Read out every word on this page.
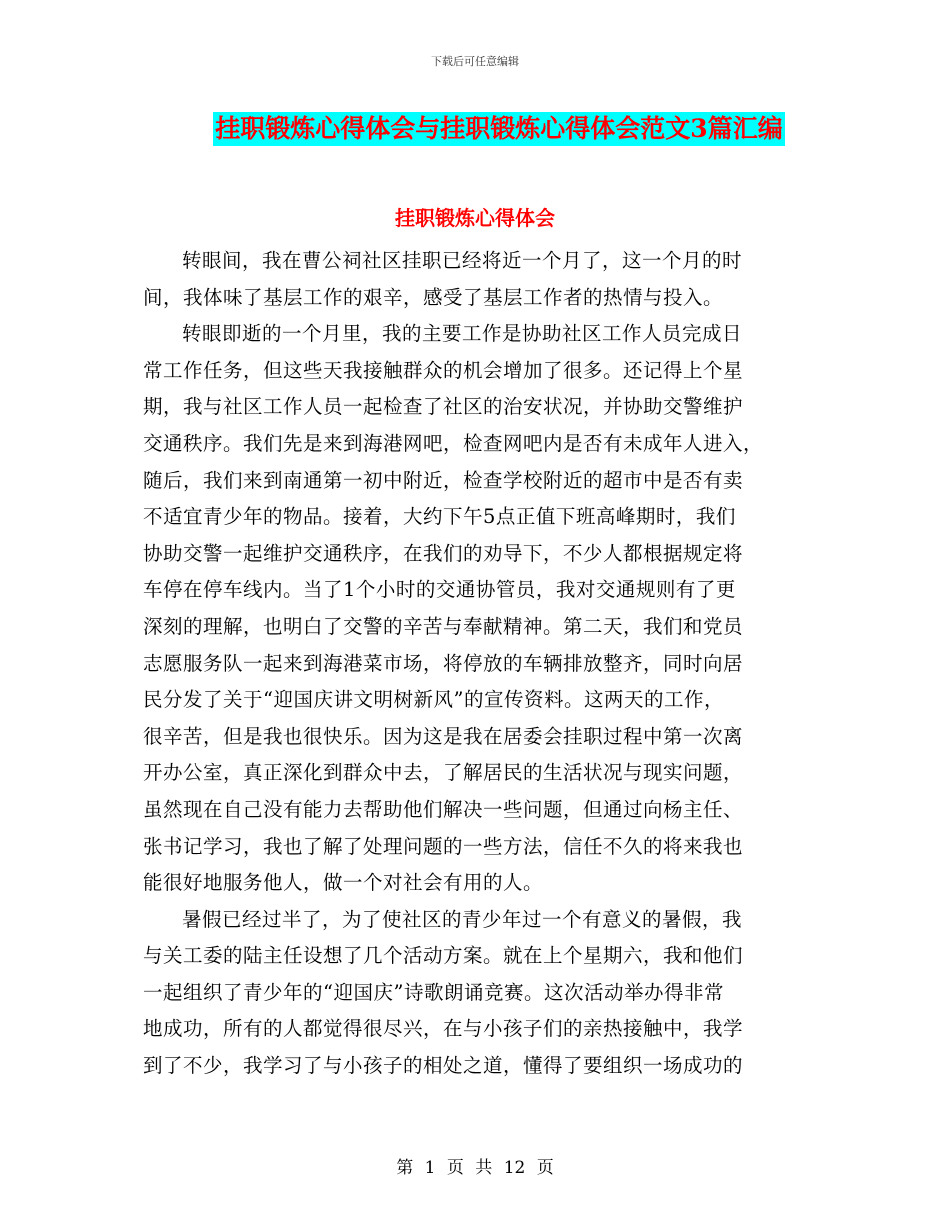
下载后可任意编辑
挂职锻炼心得体会与挂职锻炼心得体会范文3篇汇编
挂职锻炼心得体会

转眼间，我在曹公祠社区挂职已经将近一个月了，这一个月的时
间，我体味了基层工作的艰辛，感受了基层工作者的热情与投入。

转眼即逝的一个月里，我的主要工作是协助社区工作人员完成日
常工作任务，但这些天我接触群众的机会增加了很多。还记得上个星
期，我与社区工作人员一起检查了社区的治安状况，并协助交警维护
交通秩序。我们先是来到海港网吧，检查网吧内是否有未成年人进入，
随后，我们来到南通第一初中附近，检查学校附近的超市中是否有卖
不适宜青少年的物品。接着，大约下午5点正值下班高峰期时，我们
协助交警一起维护交通秩序，在我们的劝导下，不少人都根据规定将
车停在停车线内。当了1个小时的交通协管员，我对交通规则有了更
深刻的理解，也明白了交警的辛苦与奉献精神。第二天，我们和党员
志愿服务队一起来到海港菜市场，将停放的车辆排放整齐，同时向居
民分发了关于“迎国庆讲文明树新风”的宣传资料。这两天的工作，
很辛苦，但是我也很快乐。因为这是我在居委会挂职过程中第一次离
开办公室，真正深化到群众中去，了解居民的生活状况与现实问题，
虽然现在自己没有能力去帮助他们解决一些问题，但通过向杨主任、
张书记学习，我也了解了处理问题的一些方法，信任不久的将来我也
能很好地服务他人，做一个对社会有用的人。

暑假已经过半了，为了使社区的青少年过一个有意义的暑假，我
与关工委的陆主任设想了几个活动方案。就在上个星期六，我和他们
一起组织了青少年的“迎国庆”诗歌朗诵竞赛。这次活动举办得非常
地成功，所有的人都觉得很尽兴，在与小孩子们的亲热接触中，我学
到了不少，我学习了与小孩子的相处之道，懂得了要组织一场成功的

第 1 页 共 12 页
